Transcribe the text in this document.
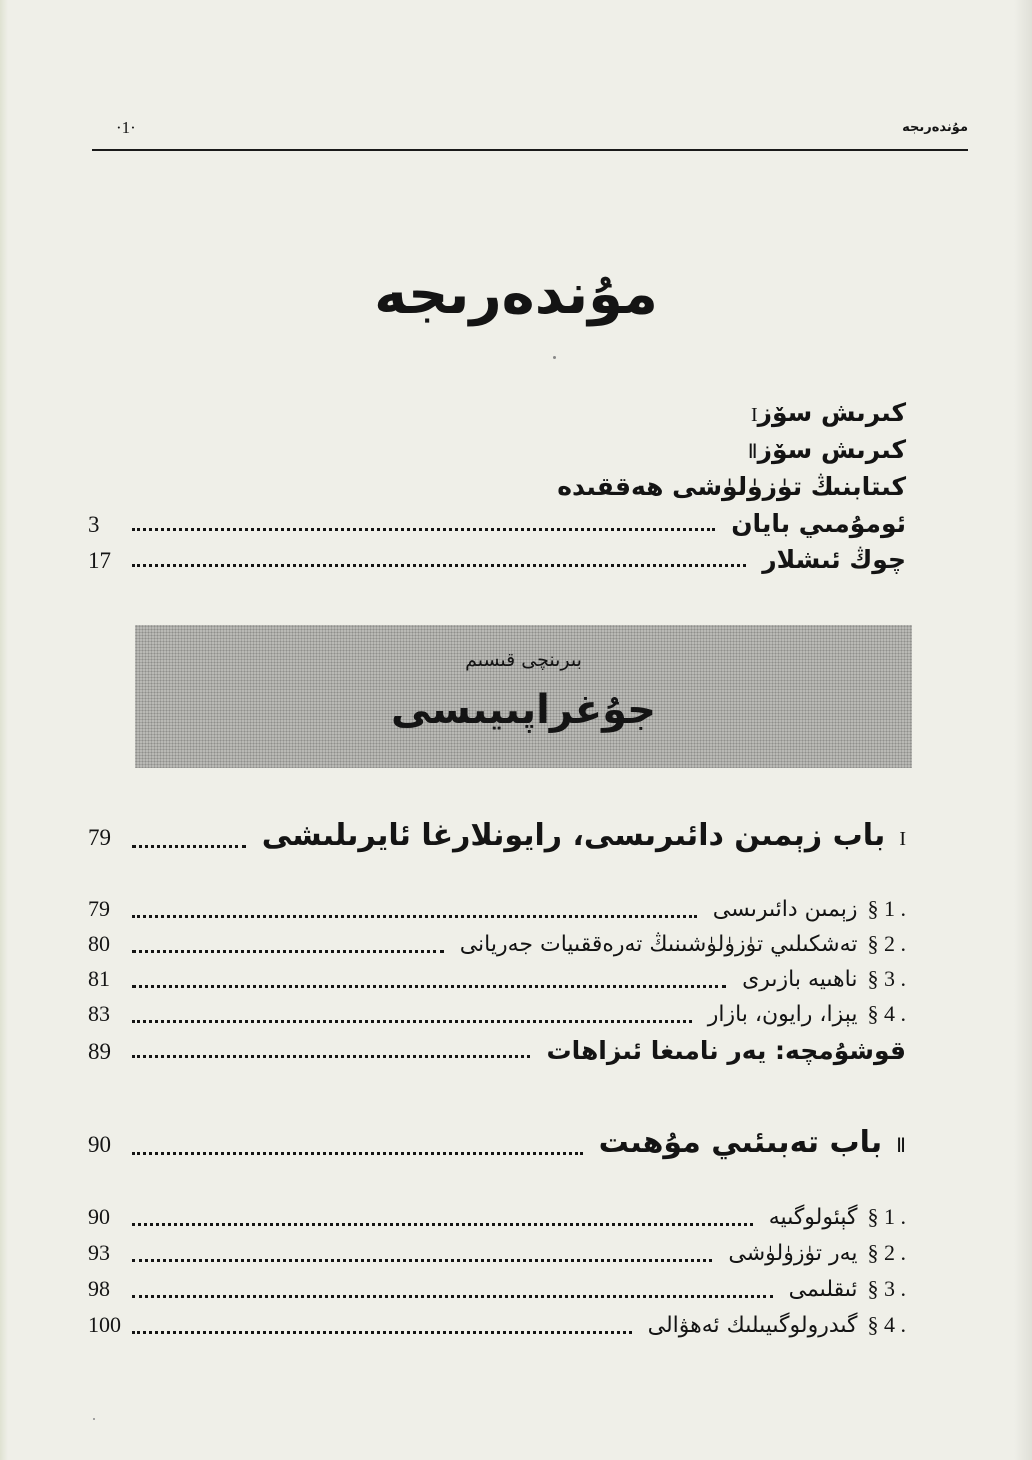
·1·	مۇندەرىجە
مۇندەرىجە
كىرىش سۆزI
كىرىش سۆزⅡ
كىتابنىڭ تۈزۈلۈشى ھەققىدە
ئومۇمىي بايان
3
چوڭ ئىشلار
17
بىرىنچى قىسىم
جۇغراپىيىسى
Iباب زېمىن دائىرىسى، رايونلارغا ئايرىلىشى
79
§ 1 .
زېمىن دائىرىسى
79
§ 2 .
تەشكىلىي تۈزۈلۈشىنىڭ تەرەققىيات جەريانى
80
§ 3 .
ناھىيە بازىرى
81
§ 4 .
يېزا، رايون، بازار
83
قوشۇمچە: يەر نامىغا ئىزاھات
89
Ⅱباب تەبىئىي مۇھىت
90
§ 1 .
گېئولوگىيە
90
§ 2 .
يەر تۈزۈلۈشى
93
§ 3 .
ئىقلىمى
98
§ 4 .
گىدرولوگىيىلىك ئەھۋالى
100
